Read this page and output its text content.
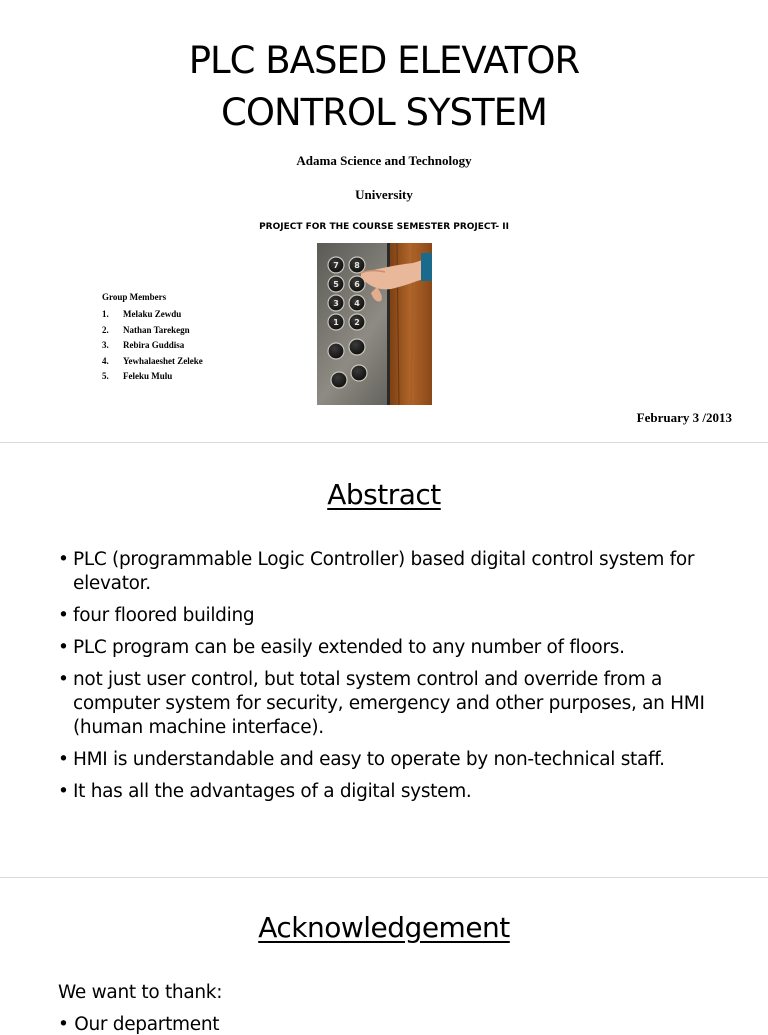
PLC BASED ELEVATOR
CONTROL SYSTEM
Adama Science and Technology
University
PROJECT FOR THE COURSE SEMESTER PROJECT- II
Group Members
1.	Melaku Zewdu
2.	Nathan Tarekegn
3.	Rebira Guddisa
4.	Yewhalaeshet Zeleke
5.	Feleku Mulu
7 8
5 6
3 4
1 2
February 3 /2013
Abstract
• PLC (programmable Logic Controller) based digital control system for elevator.
• four floored building
• PLC program can be easily extended to any number of floors.
• not just user control, but total system control and override from a computer system for security, emergency and other purposes, an HMI (human machine interface).
• HMI is understandable and easy to operate by non-technical staff.
• It has all the advantages of a digital system.
Acknowledgement
We want to thank:
• Our department
